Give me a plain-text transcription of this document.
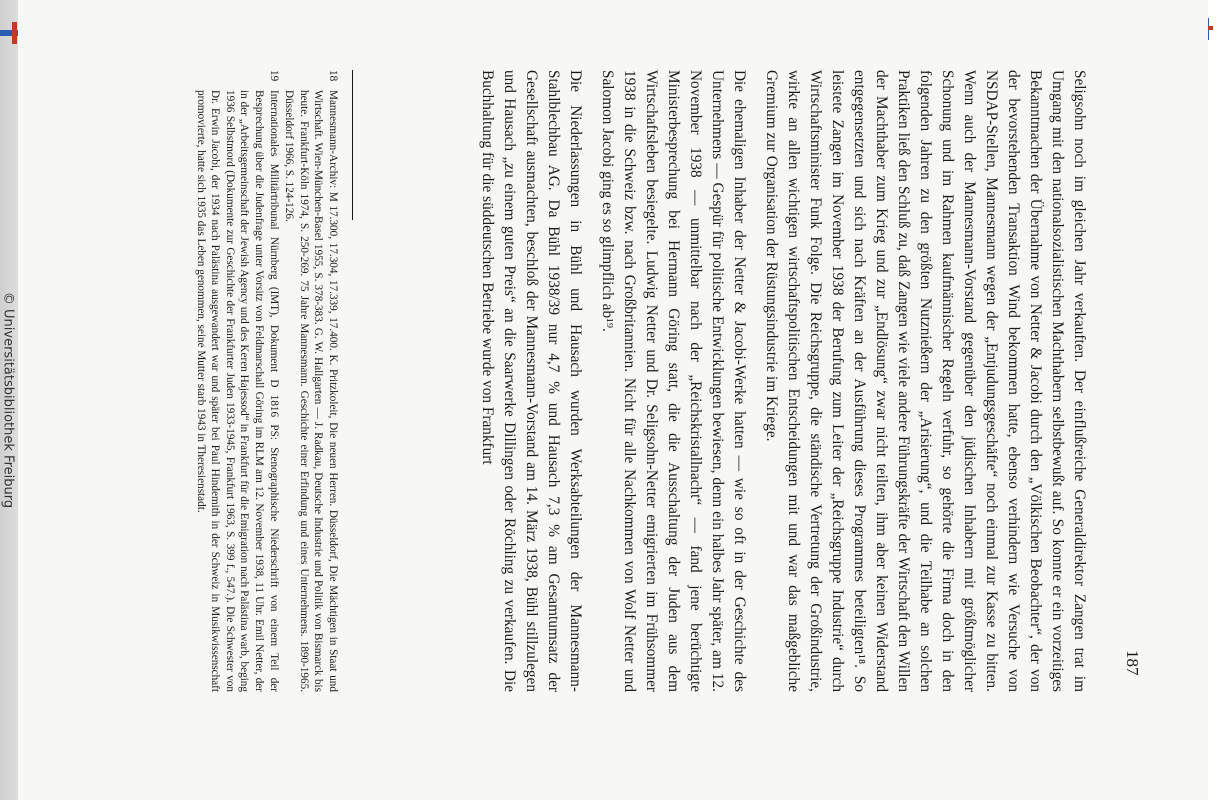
© Universitätsbibliothek Freiburg
187

Seligsohn noch im gleichen Jahr verkauften. Der einflußreiche Generaldirektor Zangen trat im Umgang mit den nationalsozialistischen Machthabern selbstbewußt auf. So konnte er ein vorzeitiges Bekanntmachen der Übernahme von Netter & Jacobi durch den „Völkischen Beobachter“, der von der bevorstehenden Transaktion Wind bekommen hatte, ebenso verhindern wie Versuche von NSDAP-Stellen, Mannesmann wegen der „Entjudungsgeschäfte“ noch einmal zur Kasse zu bitten. Wenn auch der Mannesmann-Vorstand gegenüber den jüdischen Inhabern mit größtmöglicher Schonung und im Rahmen kaufmännischer Regeln verfuhr, so gehörte die Firma doch in den folgenden Jahren zu den größten Nutznießern der „Arisierung“, und die Teilhabe an solchen Praktiken ließ den Schluß zu, daß Zangen wie viele andere Führungskräfte der Wirtschaft den Willen der Machthaber zum Krieg und zur „Endlösung“ zwar nicht teilten, ihm aber keinen Widerstand entgegensetzten und sich nach Kräften an der Ausführung dieses Programmes beteiligten¹⁸. So leistete Zangen im November 1938 der Berufung zum Leiter der „Reichsgruppe Industrie“ durch Wirtschaftsminister Funk Folge. Die Reichsgruppe, die ständische Vertretung der Großindustrie, wirkte an allen wichtigen wirtschaftspolitischen Entscheidungen mit und war das maßgebliche Gremium zur Organisation der Rüstungsindustrie im Kriege.

Die ehemaligen Inhaber der Netter & Jacobi-Werke hatten — wie so oft in der Geschichte des Unternehmens — Gespür für politische Entwicklungen bewiesen, denn ein halbes Jahr später, am 12. November 1938 — unmittelbar nach der „Reichskristallnacht“ — fand jene berüchtigte Ministerbesprechung bei Hermann Göring statt, die die Ausschaltung der Juden aus dem Wirtschaftsleben besiegelte. Ludwig Netter und Dr. Seligsohn-Netter emigrierten im Frühsommer 1938 in die Schweiz bzw. nach Großbritannien. Nicht für alle Nachkommen von Wolf Netter und Salomon Jacobi ging es so glimpflich ab¹⁹.

Die Niederlassungen in Bühl und Hausach wurden Werksabteilungen der Mannesmann-Stahlblechbau AG. Da Bühl 1938/39 nur 4,7 % und Hausach 7,3 % am Gesamtumsatz der Gesellschaft ausmachten, beschloß der Mannesmann-Vorstand am 14. März 1938, Bühl stillzulegen und Hausach „zu einem guten Preis“ an die Saarwerke Dillingen oder Röchling zu verkaufen. Die Buchhaltung für die süddeutschen Betriebe wurde von Frankfurt

18
Mannesmann-Archiv: M 17.300, 17.304, 17.339, 17.400. K. Pritzkoleit, Die neuen Herren. Düsseldorf, Die Mächtigen in Staat und Wirtschaft. Wien-München-Basel 1955, S. 378-383. G. W. Hallgarten — J. Radkau, Deutsche Industrie und Politik von Bismarck bis heute. Frankfurt-Köln 1974, S. 250-269. 75 Jahre Mannesmann. Geschichte einer Erfindung und eines Unternehmens. 1890-1965. Düsseldorf 1966, S. 124-126.
19
Internationales Militärtribunal Nürnberg (IMT), Dokument D 1816 PS: Stenographische Niederschrift von einem Teil der Besprechung über die Judenfrage unter Vorsitz von Feldmarschall Göring im RLM am 12. November 1938, 11 Uhr. Emil Netter, der in der „Arbeitsgemeinschaft der Jewish Agency und des Keren Hajessod“ in Frankfurt für die Emigration nach Palästina warb, beging 1936 Selbstmord (Dokumente zur Geschichte der Frankfurter Juden 1933-1945, Frankfurt 1963, S. 399 f., 547.). Die Schwester von Dr. Erwin Jacobi, der 1934 nach Palästina ausgewandert war und später bei Paul Hindemith in der Schweiz in Musikwissenschaft promovierte, hatte sich 1935 das Leben genommen, seine Mutter starb 1943 in Theresienstadt.
